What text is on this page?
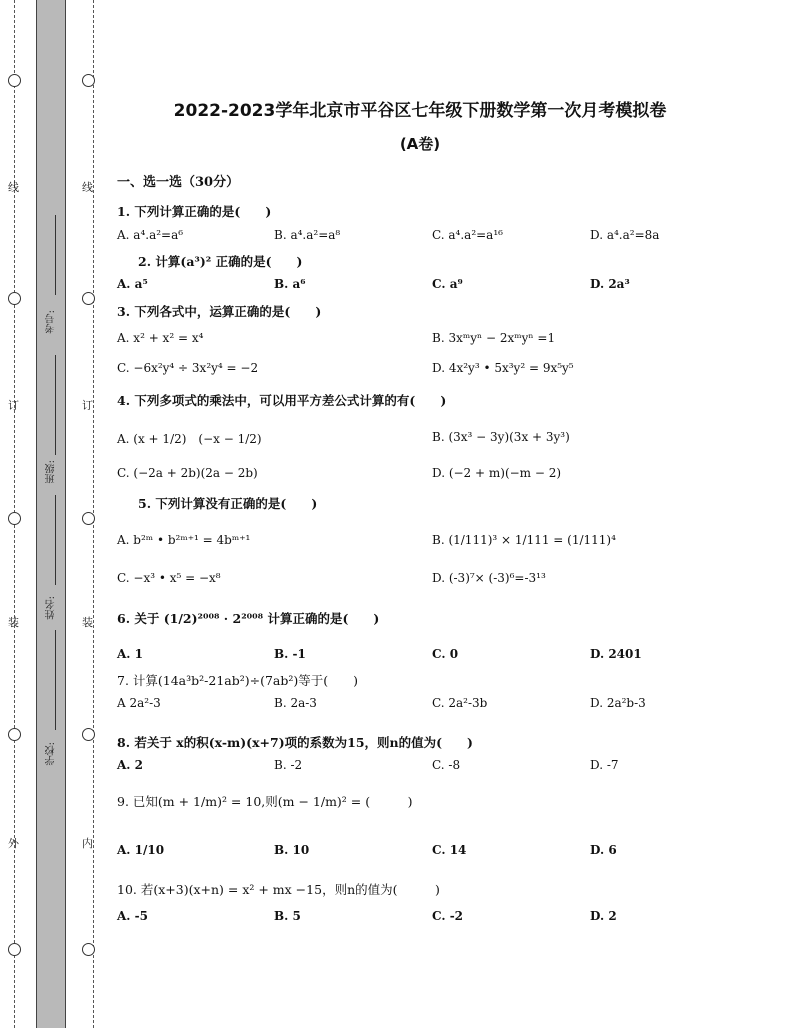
线
订
装
外
线
订
装
内
考号:
班级:
姓名:
学校:
2022-2023学年北京市平谷区七年级下册数学第一次月考模拟卷
(A卷)
一、选一选（30分）
1. 下列计算正确的是(　　)
A. a⁴.a²=a⁶	B. a⁴.a²=a⁸	C. a⁴.a²=a¹⁶	D. a⁴.a²=8a
2. 计算(a³)² 正确的是(　　)
A. a⁵	B. a⁶	C. a⁹	D. 2a³
3. 下列各式中，运算正确的是(　　)
A. x² + x² = x⁴	B. 3xᵐyⁿ − 2xᵐyⁿ =1
C. −6x²y⁴ ÷ 3x²y⁴ = −2	D. 4x²y³ • 5x³y² = 9x⁵y⁵
4. 下列多项式的乘法中，可以用平方差公式计算的有(　　)
A. (x + 1/2)　(−x − 1/2)	B. (3x³ − 3y)(3x + 3y³)
C. (−2a + 2b)(2a − 2b)	D. (−2 + m)(−m − 2)
5. 下列计算没有正确的是(　　)
A. b²ᵐ • b²ᵐ⁺¹ = 4bᵐ⁺¹	B. (1/111)³ × 1/111 = (1/111)⁴
C. −x³ • x⁵ = −x⁸	D. (-3)⁷× (-3)⁶=-3¹³
6. 关于 (1/2)²⁰⁰⁸ · 2²⁰⁰⁸ 计算正确的是(　　)
A. 1	B. -1	C. 0	D. 2401
7. 计算(14a³b²-21ab²)÷(7ab²)等于(　　)
A 2a²-3	B. 2a-3	C. 2a²-3b	D. 2a²b-3
8. 若关于 x的积(x-m)(x+7)项的系数为15，则n的值为(　　)
A. 2	B. -2	C. -8	D. -7
9. 已知(m + 1/m)² = 10,则(m − 1/m)² = (　　　)
A. 1/10	B. 10	C. 14	D. 6
10. 若(x+3)(x+n) = x² + mx −15，则n的值为(　　　)
A. -5	B. 5	C. -2	D. 2
